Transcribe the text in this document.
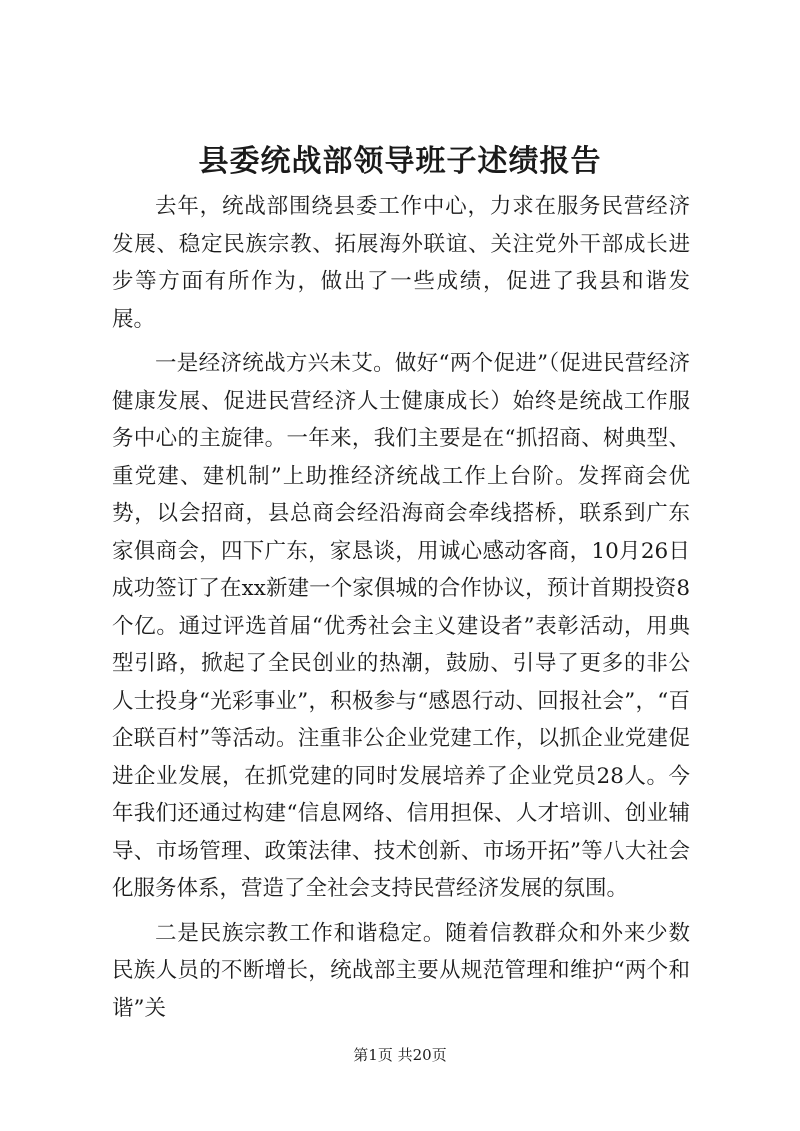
县委统战部领导班子述绩报告

去年，统战部围绕县委工作中心，力求在服务民营经济发展、稳定民族宗教、拓展海外联谊、关注党外干部成长进步等方面有所作为，做出了一些成绩，促进了我县和谐发展。

一是经济统战方兴未艾。做好“两个促进”（促进民营经济健康发展、促进民营经济人士健康成长）始终是统战工作服务中心的主旋律。一年来，我们主要是在“抓招商、树典型、重党建、建机制”上助推经济统战工作上台阶。发挥商会优势，以会招商，县总商会经沿海商会牵线搭桥，联系到广东家俱商会，四下广东，家恳谈，用诚心感动客商，10月26日成功签订了在xx新建一个家俱城的合作协议，预计首期投资8个亿。通过评选首届“优秀社会主义建设者”表彰活动，用典型引路，掀起了全民创业的热潮，鼓励、引导了更多的非公人士投身“光彩事业”，积极参与“感恩行动、回报社会”，“百企联百村”等活动。注重非公企业党建工作，以抓企业党建促进企业发展，在抓党建的同时发展培养了企业党员28人。今年我们还通过构建“信息网络、信用担保、人才培训、创业辅导、市场管理、政策法律、技术创新、市场开拓”等八大社会化服务体系，营造了全社会支持民营经济发展的氛围。

二是民族宗教工作和谐稳定。随着信教群众和外来少数民族人员的不断增长，统战部主要从规范管理和维护“两个和谐”关

第1页 共20页
